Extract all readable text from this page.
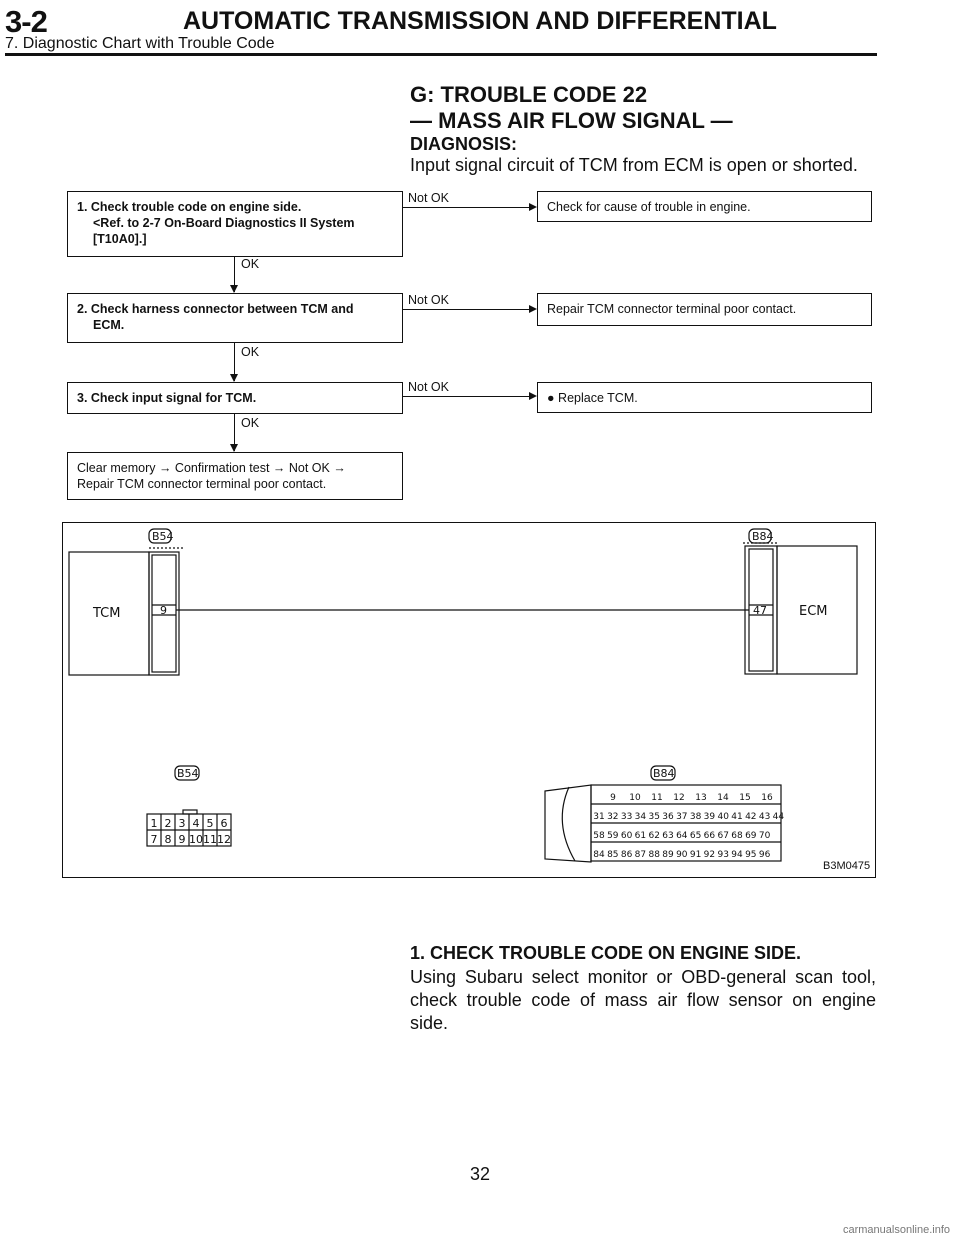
3-2	AUTOMATIC TRANSMISSION AND DIFFERENTIAL
7. Diagnostic Chart with Trouble Code
G: TROUBLE CODE 22
— MASS AIR FLOW SIGNAL —
DIAGNOSIS:
Input signal circuit of TCM from ECM is open or shorted.
1. Check trouble code on engine side.
<Ref. to 2-7 On-Board Diagnostics II System
[T10A0].]
Not OK
Check for cause of trouble in engine.
OK
2. Check harness connector between TCM and
ECM.
Not OK
Repair TCM connector terminal poor contact.
OK
3. Check input signal for TCM.
Not OK
● Replace TCM.
OK
Clear memory → Confirmation test → Not OK →
Repair TCM connector terminal poor contact.
B54	B84
TCM	9	47 ECM
B54	B84
B3M0475
1 2 3 4 5 6
7 8 9 10 11 12
9 10 11 12 13 14 15 16
31 32 33 34 35 36 37 38 39 40 41 42 43 44
58 59 60 61 62 63 64 65 66 67 68 69 70
84 85 86 87 88 89 90 91 92 93 94 95 96
1. CHECK TROUBLE CODE ON ENGINE SIDE.
Using Subaru select monitor or OBD-general scan tool, check trouble code of mass air flow sensor on engine side.
32
carmanualsonline.info
